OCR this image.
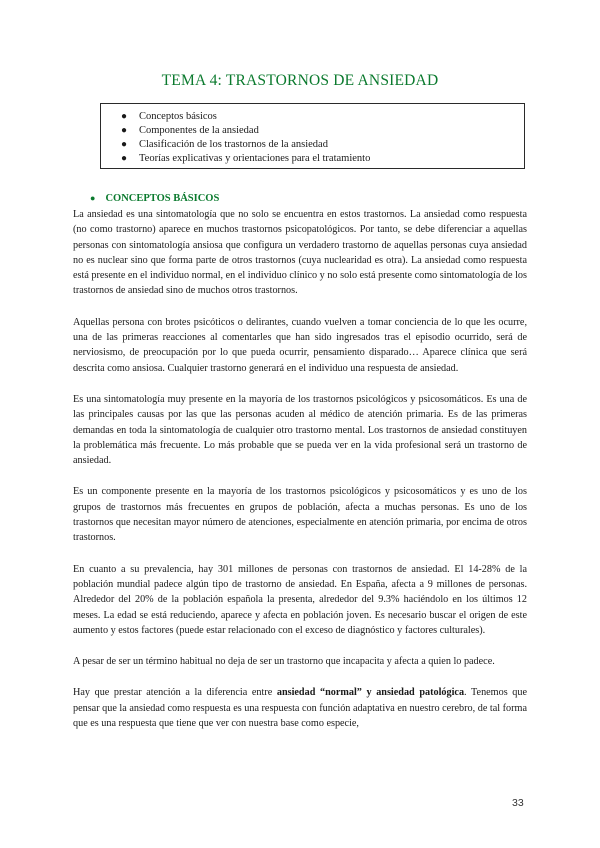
TEMA 4: TRASTORNOS DE ANSIEDAD
● Conceptos básicos
● Componentes de la ansiedad
● Clasificación de los trastornos de la ansiedad
● Teorías explicativas y orientaciones para el tratamiento
● CONCEPTOS BÁSICOS

La ansiedad es una sintomatología que no solo se encuentra en estos trastornos. La ansiedad como respuesta (no como trastorno) aparece en muchos trastornos psicopatológicos. Por tanto, se debe diferenciar a aquellas personas con sintomatología ansiosa que configura un verdadero trastorno de aquellas personas cuya ansiedad no es nuclear sino que forma parte de otros trastornos (cuya nuclearidad es otra). La ansiedad como respuesta está presente en el individuo normal, en el individuo clínico y no solo está presente como sintomatología de los trastornos de ansiedad sino de muchos otros trastornos.

Aquellas persona con brotes psicóticos o delirantes, cuando vuelven a tomar conciencia de lo que les ocurre, una de las primeras reacciones al comentarles que han sido ingresados tras el episodio ocurrido, será de nerviosismo, de preocupación por lo que pueda ocurrir, pensamiento disparado… Aparece clínica que será descrita como ansiosa. Cualquier trastorno generará en el individuo una respuesta de ansiedad.

Es una sintomatología muy presente en la mayoría de los trastornos psicológicos y psicosomáticos. Es una de las principales causas por las que las personas acuden al médico de atención primaria. Es de las primeras demandas en toda la sintomatología de cualquier otro trastorno mental. Los trastornos de ansiedad constituyen la problemática más frecuente. Lo más probable que se pueda ver en la vida profesional será un trastorno de ansiedad.

Es un componente presente en la mayoría de los trastornos psicológicos y psicosomáticos y es uno de los grupos de trastornos más frecuentes en grupos de población, afecta a muchas personas. Es uno de los trastornos que necesitan mayor número de atenciones, especialmente en atención primaria, por encima de otros trastornos.

En cuanto a su prevalencia, hay 301 millones de personas con trastornos de ansiedad. El 14-28% de la población mundial padece algún tipo de trastorno de ansiedad. En España, afecta a 9 millones de personas. Alrededor del 20% de la población española la presenta, alrededor del 9.3% haciéndolo en los últimos 12 meses. La edad se está reduciendo, aparece y afecta en población joven. Es necesario buscar el origen de este aumento y estos factores (puede estar relacionado con el exceso de diagnóstico y factores culturales).

A pesar de ser un término habitual no deja de ser un trastorno que incapacita y afecta a quien lo padece.

Hay que prestar atención a la diferencia entre ansiedad “normal” y ansiedad patológica. Tenemos que pensar que la ansiedad como respuesta es una respuesta con función adaptativa en nuestro cerebro, de tal forma que es una respuesta que tiene que ver con nuestra base como especie,

33
